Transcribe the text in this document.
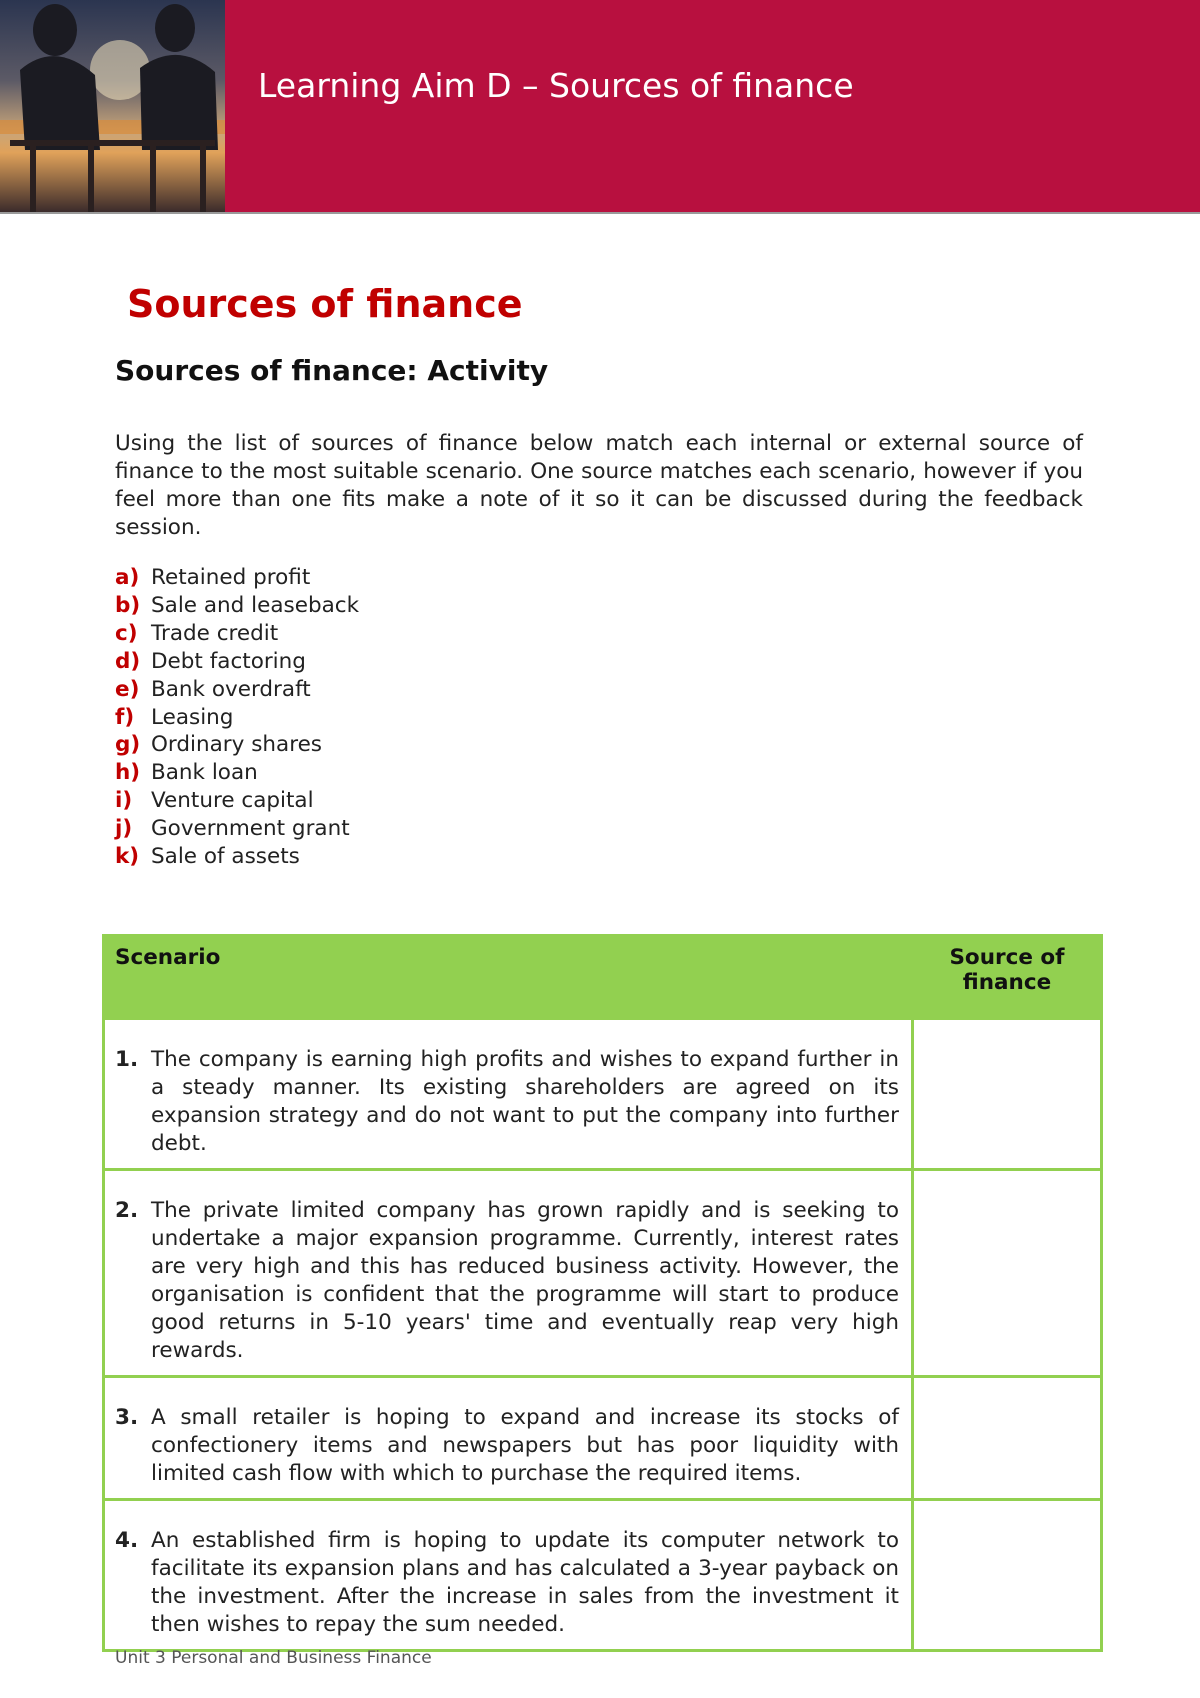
Learning Aim D – Sources of finance
Sources of finance
Sources of finance: Activity
Using the list of sources of finance below match each internal or external source of finance to the most suitable scenario. One source matches each scenario, however if you feel more than one fits make a note of it so it can be discussed during the feedback session.
a) Retained profit
b) Sale and leaseback
c) Trade credit
d) Debt factoring
e) Bank overdraft
f) Leasing
g) Ordinary shares
h) Bank loan
i) Venture capital
j) Government grant
k) Sale of assets
Scenario	Source of finance

1. The company is earning high profits and wishes to expand further in a steady manner. Its existing shareholders are agreed on its expansion strategy and do not want to put the company into further debt.	

2. The private limited company has grown rapidly and is seeking to undertake a major expansion programme. Currently, interest rates are very high and this has reduced business activity. However, the organisation is confident that the programme will start to produce good returns in 5-10 years' time and eventually reap very high rewards.	

3. A small retailer is hoping to expand and increase its stocks of confectionery items and newspapers but has poor liquidity with limited cash flow with which to purchase the required items.	

4. An established firm is hoping to update its computer network to facilitate its expansion plans and has calculated a 3-year payback on the investment. After the increase in sales from the investment it then wishes to repay the sum needed.	

Unit 3 Personal and Business Finance
